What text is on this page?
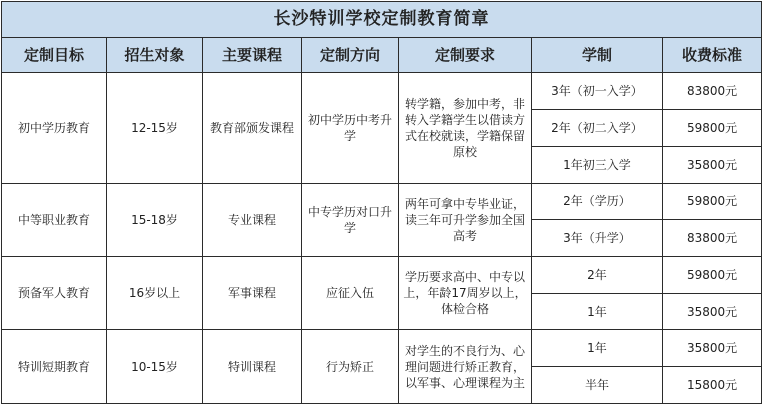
长沙特训学校定制教育简章						
定制目标	招生对象	主要课程	定制方向	定制要求	学制	收费标准
初中学历教育	12-15岁	教育部颁发课程	初中学历中考升学	转学籍，参加中考，非转入学籍学生以借读方式在校就读，学籍保留原校	3年（初一入学）	83800元
					2年（初二入学）	59800元
					1年初三入学	35800元
中等职业教育	15-18岁	专业课程	中专学历对口升学	两年可拿中专毕业证，读三年可升学参加全国高考	2年（学历）	59800元
					3年（升学）	83800元
预备军人教育	16岁以上	军事课程	应征入伍	学历要求高中、中专以上，年龄17周岁以上，体检合格	2年	59800元
					1年	35800元
特训短期教育	10-15岁	特训课程	行为矫正	对学生的不良行为、心理问题进行矫正教育，以军事、心理课程为主	1年	35800元
					半年	15800元
